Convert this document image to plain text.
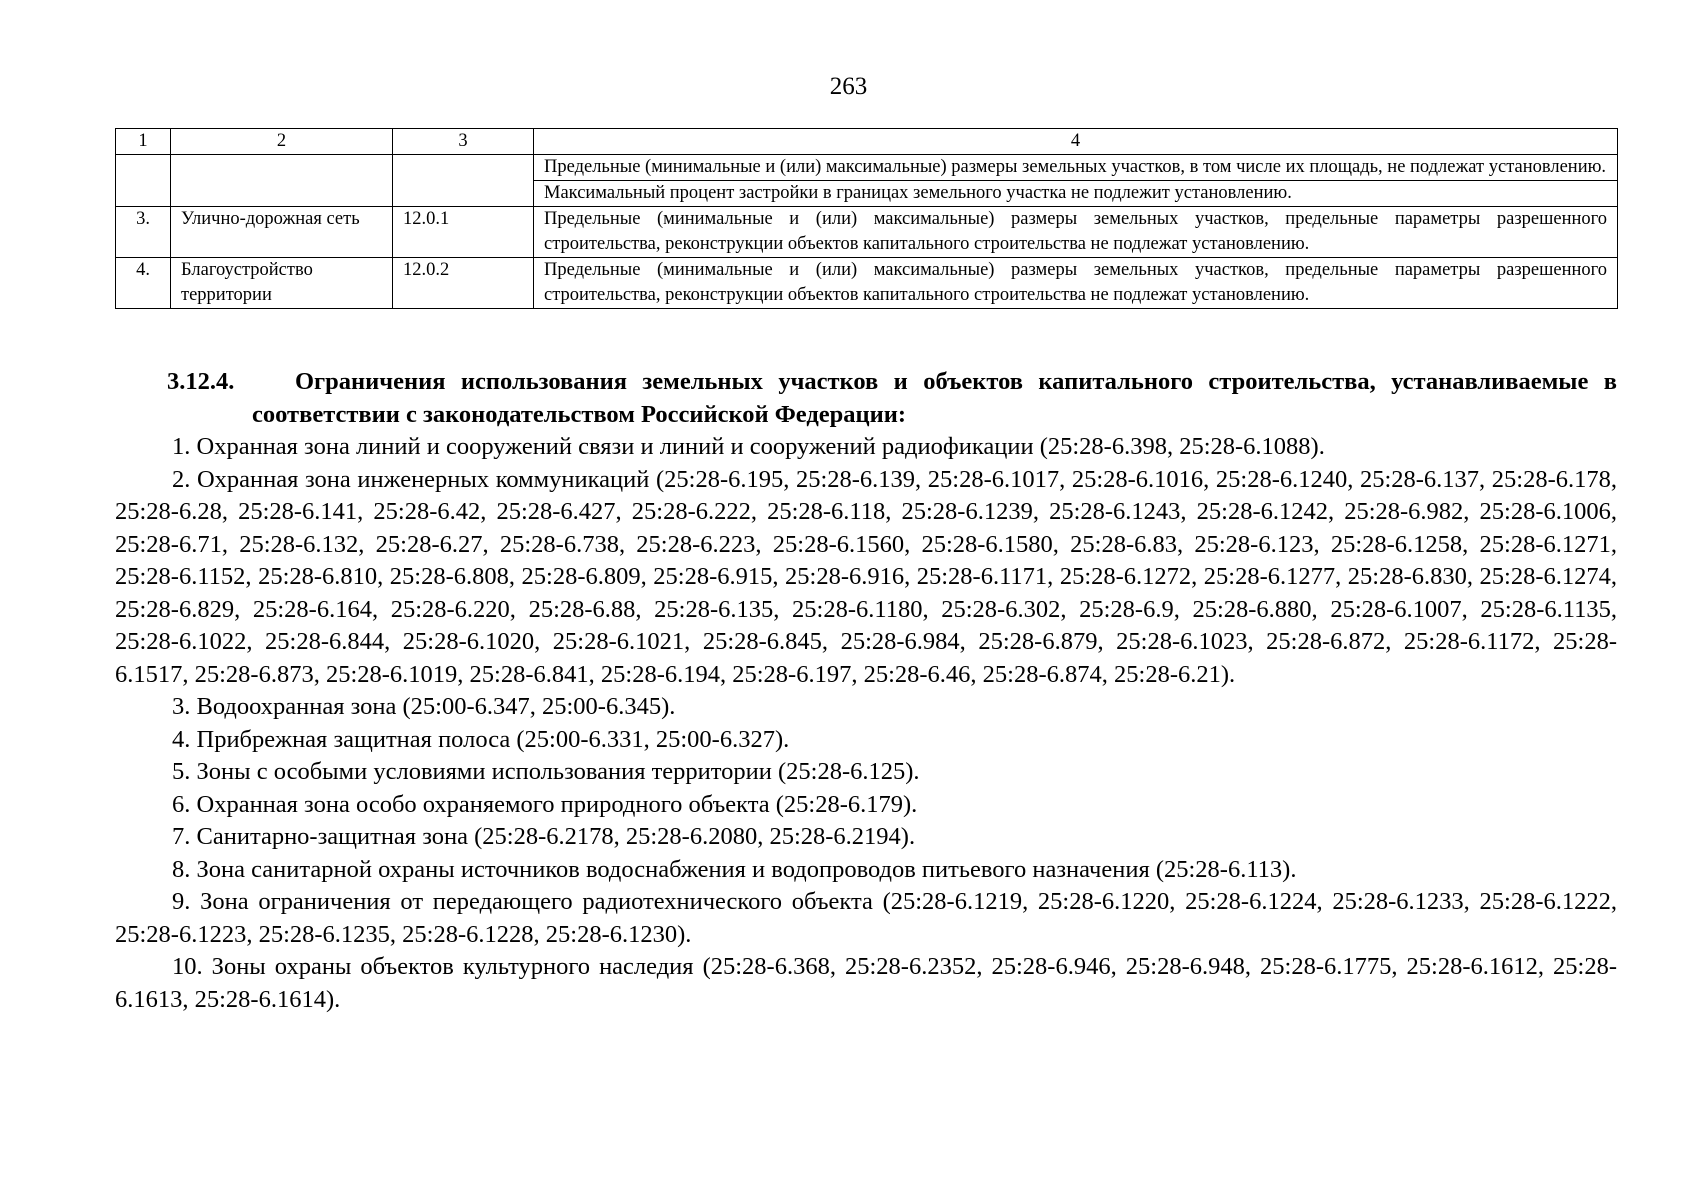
263
1	2	3	4
			Предельные (минимальные и (или) максимальные) размеры земельных участков, в том числе их площадь, не подлежат установлению.
			Максимальный процент застройки в границах земельного участка не подлежит установлению.
3.	Улично-дорожная сеть	12.0.1	Предельные (минимальные и (или) максимальные) размеры земельных участков, предельные параметры разрешенного строительства, реконструкции объектов капитального строительства не подлежат установлению.
4.	Благоустройство территории	12.0.2	Предельные (минимальные и (или) максимальные) размеры земельных участков, предельные параметры разрешенного строительства, реконструкции объектов капитального строительства не подлежат установлению.

3.12.4. Ограничения использования земельных участков и объектов капитального строительства, устанавливаемые в соответствии с законодательством Российской Федерации:

1. Охранная зона линий и сооружений связи и линий и сооружений радиофикации (25:28-6.398, 25:28-6.1088).

2. Охранная зона инженерных коммуникаций (25:28-6.195, 25:28-6.139, 25:28-6.1017, 25:28-6.1016, 25:28-6.1240, 25:28-6.137, 25:28-6.178, 25:28-6.28, 25:28-6.141, 25:28-6.42, 25:28-6.427, 25:28-6.222, 25:28-6.118, 25:28-6.1239, 25:28-6.1243, 25:28-6.1242, 25:28-6.982, 25:28-6.1006, 25:28-6.71, 25:28-6.132, 25:28-6.27, 25:28-6.738, 25:28-6.223, 25:28-6.1560, 25:28-6.1580, 25:28-6.83, 25:28-6.123, 25:28-6.1258, 25:28-6.1271, 25:28-6.1152, 25:28-6.810, 25:28-6.808, 25:28-6.809, 25:28-6.915, 25:28-6.916, 25:28-6.1171, 25:28-6.1272, 25:28-6.1277, 25:28-6.830, 25:28-6.1274, 25:28-6.829, 25:28-6.164, 25:28-6.220, 25:28-6.88, 25:28-6.135, 25:28-6.1180, 25:28-6.302, 25:28-6.9, 25:28-6.880, 25:28-6.1007, 25:28-6.1135, 25:28-6.1022, 25:28-6.844, 25:28-6.1020, 25:28-6.1021, 25:28-6.845, 25:28-6.984, 25:28-6.879, 25:28-6.1023, 25:28-6.872, 25:28-6.1172, 25:28-6.1517, 25:28-6.873, 25:28-6.1019, 25:28-6.841, 25:28-6.194, 25:28-6.197, 25:28-6.46, 25:28-6.874, 25:28-6.21).

3. Водоохранная зона (25:00-6.347, 25:00-6.345).

4. Прибрежная защитная полоса (25:00-6.331, 25:00-6.327).

5. Зоны с особыми условиями использования территории (25:28-6.125).

6. Охранная зона особо охраняемого природного объекта (25:28-6.179).

7. Санитарно-защитная зона (25:28-6.2178, 25:28-6.2080, 25:28-6.2194).

8. Зона санитарной охраны источников водоснабжения и водопроводов питьевого назначения (25:28-6.113).

9. Зона ограничения от передающего радиотехнического объекта (25:28-6.1219, 25:28-6.1220, 25:28-6.1224, 25:28-6.1233, 25:28-6.1222, 25:28-6.1223, 25:28-6.1235, 25:28-6.1228, 25:28-6.1230).

10. Зоны охраны объектов культурного наследия (25:28-6.368, 25:28-6.2352, 25:28-6.946, 25:28-6.948, 25:28-6.1775, 25:28-6.1612, 25:28-6.1613, 25:28-6.1614).
